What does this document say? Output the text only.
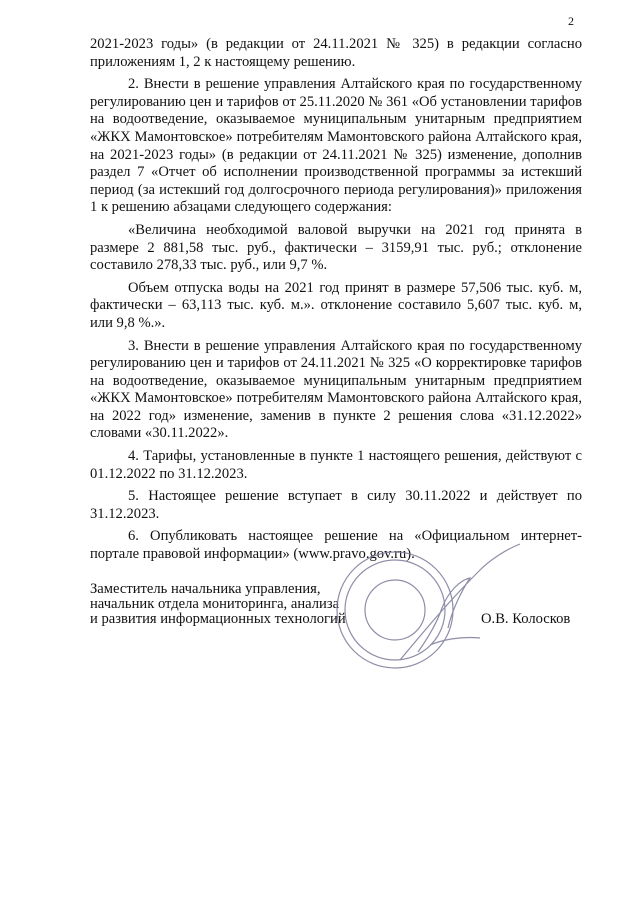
2

2021-2023 годы» (в редакции от 24.11.2021 № 325) в редакции согласно приложениям 1, 2 к настоящему решению.

2. Внести в решение управления Алтайского края по государственному регулированию цен и тарифов от 25.11.2020 № 361 «Об установлении тарифов на водоотведение, оказываемое муниципальным унитарным предприятием «ЖКХ Мамонтовское» потребителям Мамонтовского района Алтайского края, на 2021-2023 годы» (в редакции от 24.11.2021 № 325) изменение, дополнив раздел 7 «Отчет об исполнении производственной программы за истекший период (за истекший год долгосрочного периода регулирования)» приложения 1 к решению абзацами следующего содержания:

«Величина необходимой валовой выручки на 2021 год принята в размере 2 881,58 тыс. руб., фактически – 3159,91 тыс. руб.; отклонение составило 278,33 тыс. руб., или 9,7 %.

Объем отпуска воды на 2021 год принят в размере 57,506 тыс. куб. м, фактически – 63,113 тыс. куб. м.». отклонение составило 5,607 тыс. куб. м, или 9,8 %.».

3. Внести в решение управления Алтайского края по государственному регулированию цен и тарифов от 24.11.2021 № 325 «О корректировке тарифов на водоотведение, оказываемое муниципальным унитарным предприятием «ЖКХ Мамонтовское» потребителям Мамонтовского района Алтайского края, на 2022 год» изменение, заменив в пункте 2 решения слова «31.12.2022» словами «30.11.2022».

4. Тарифы, установленные в пункте 1 настоящего решения, действуют с 01.12.2022 по 31.12.2023.

5. Настоящее решение вступает в силу 30.11.2022 и действует по 31.12.2023.

6. Опубликовать настоящее решение на «Официальном интернет-портале правовой информации» (www.pravo.gov.ru).

Заместитель начальника управления,
начальник отдела мониторинга, анализа
и развития информационных технологий	О.В. Колосков
